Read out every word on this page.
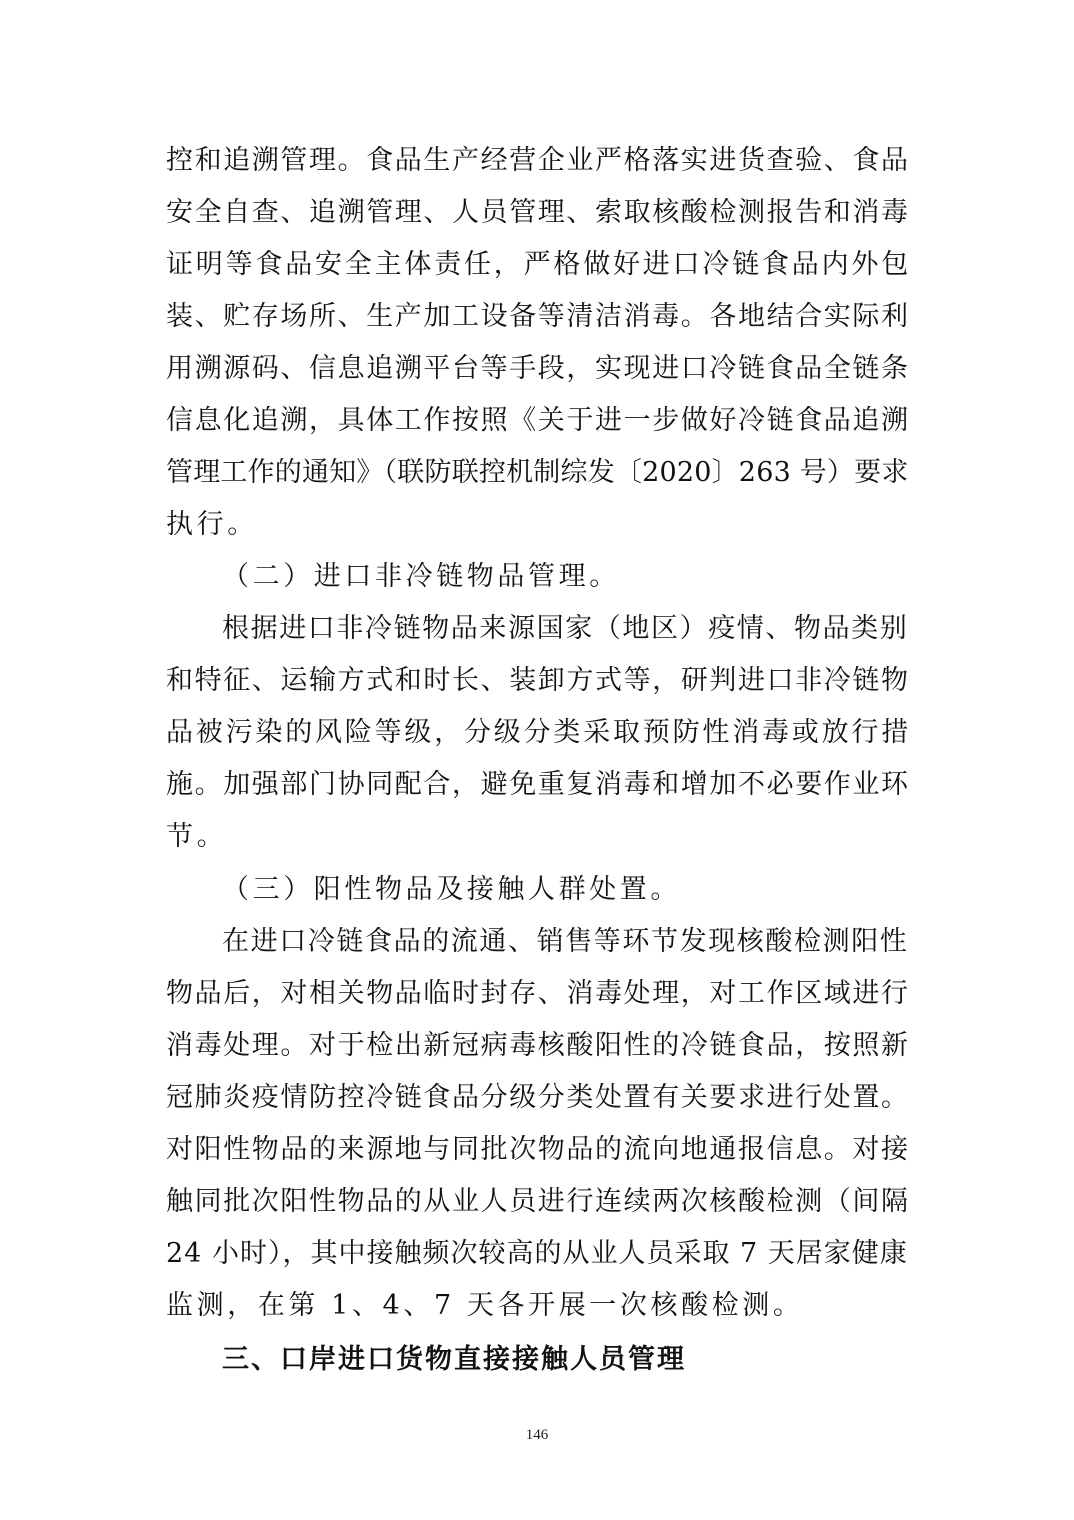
控和追溯管理。食品生产经营企业严格落实进货查验、食品
安全自查、追溯管理、人员管理、索取核酸检测报告和消毒
证明等食品安全主体责任，严格做好进口冷链食品内外包
装、贮存场所、生产加工设备等清洁消毒。各地结合实际利
用溯源码、信息追溯平台等手段，实现进口冷链食品全链条
信息化追溯，具体工作按照《关于进一步做好冷链食品追溯
管理工作的通知》（联防联控机制综发〔2020〕263 号）要求
执行。
（二）进口非冷链物品管理。
根据进口非冷链物品来源国家（地区）疫情、物品类别
和特征、运输方式和时长、装卸方式等，研判进口非冷链物
品被污染的风险等级，分级分类采取预防性消毒或放行措
施。加强部门协同配合，避免重复消毒和增加不必要作业环
节。
（三）阳性物品及接触人群处置。
在进口冷链食品的流通、销售等环节发现核酸检测阳性
物品后，对相关物品临时封存、消毒处理，对工作区域进行
消毒处理。对于检出新冠病毒核酸阳性的冷链食品，按照新
冠肺炎疫情防控冷链食品分级分类处置有关要求进行处置。
对阳性物品的来源地与同批次物品的流向地通报信息。对接
触同批次阳性物品的从业人员进行连续两次核酸检测（间隔
24 小时），其中接触频次较高的从业人员采取 7 天居家健康
监测，在第 1、4、7 天各开展一次核酸检测。
三、口岸进口货物直接接触人员管理
146
